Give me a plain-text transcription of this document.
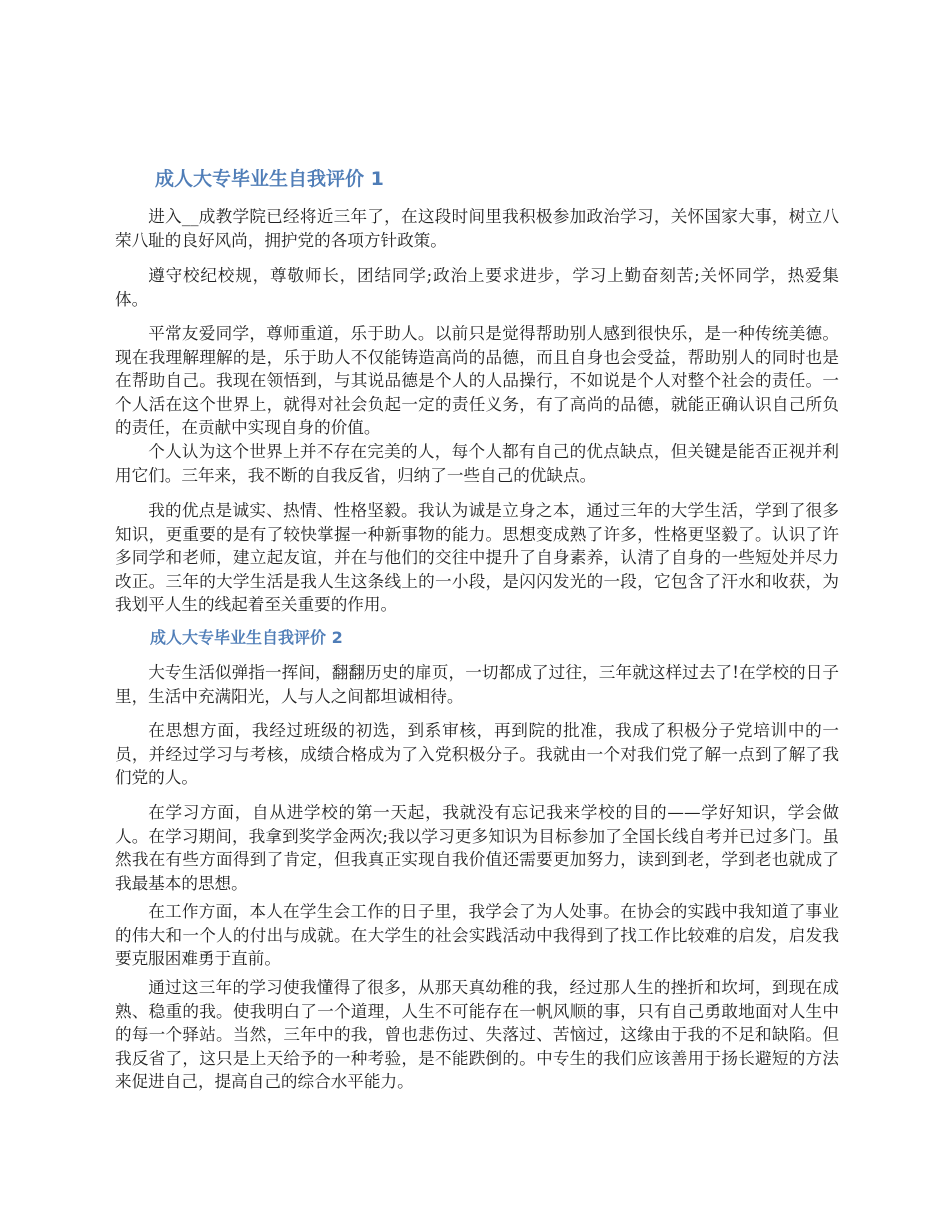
成人大专毕业生自我评价 1

进入__成教学院已经将近三年了，在这段时间里我积极参加政治学习，关怀国家大事，树立八荣八耻的良好风尚，拥护党的各项方针政策。

遵守校纪校规，尊敬师长，团结同学;政治上要求进步，学习上勤奋刻苦;关怀同学，热爱集体。

平常友爱同学，尊师重道，乐于助人。以前只是觉得帮助别人感到很快乐，是一种传统美德。现在我理解理解的是，乐于助人不仅能铸造高尚的品德，而且自身也会受益，帮助别人的同时也是在帮助自己。我现在领悟到，与其说品德是个人的人品操行，不如说是个人对整个社会的责任。一个人活在这个世界上，就得对社会负起一定的责任义务，有了高尚的品德，就能正确认识自己所负的责任，在贡献中实现自身的价值。

个人认为这个世界上并不存在完美的人，每个人都有自己的优点缺点，但关键是能否正视并利用它们。三年来，我不断的自我反省，归纳了一些自己的优缺点。

我的优点是诚实、热情、性格坚毅。我认为诚是立身之本，通过三年的大学生活，学到了很多知识，更重要的是有了较快掌握一种新事物的能力。思想变成熟了许多，性格更坚毅了。认识了许多同学和老师，建立起友谊，并在与他们的交往中提升了自身素养，认清了自身的一些短处并尽力改正。三年的大学生活是我人生这条线上的一小段，是闪闪发光的一段，它包含了汗水和收获，为我划平人生的线起着至关重要的作用。

成人大专毕业生自我评价 2

大专生活似弹指一挥间，翻翻历史的扉页，一切都成了过往，三年就这样过去了!在学校的日子里，生活中充满阳光，人与人之间都坦诚相待。

在思想方面，我经过班级的初选，到系审核，再到院的批准，我成了积极分子党培训中的一员，并经过学习与考核，成绩合格成为了入党积极分子。我就由一个对我们党了解一点到了解了我们党的人。

在学习方面，自从进学校的第一天起，我就没有忘记我来学校的目的——学好知识，学会做人。在学习期间，我拿到奖学金两次;我以学习更多知识为目标参加了全国长线自考并已过多门。虽然我在有些方面得到了肯定，但我真正实现自我价值还需要更加努力，读到到老，学到老也就成了我最基本的思想。

在工作方面，本人在学生会工作的日子里，我学会了为人处事。在协会的实践中我知道了事业的伟大和一个人的付出与成就。在大学生的社会实践活动中我得到了找工作比较难的启发，启发我要克服困难勇于直前。

通过这三年的学习使我懂得了很多，从那天真幼稚的我，经过那人生的挫折和坎坷，到现在成熟、稳重的我。使我明白了一个道理，人生不可能存在一帆风顺的事，只有自己勇敢地面对人生中的每一个驿站。当然，三年中的我，曾也悲伤过、失落过、苦恼过，这缘由于我的不足和缺陷。但我反省了，这只是上天给予的一种考验，是不能跌倒的。中专生的我们应该善用于扬长避短的方法来促进自己，提高自己的综合水平能力。
